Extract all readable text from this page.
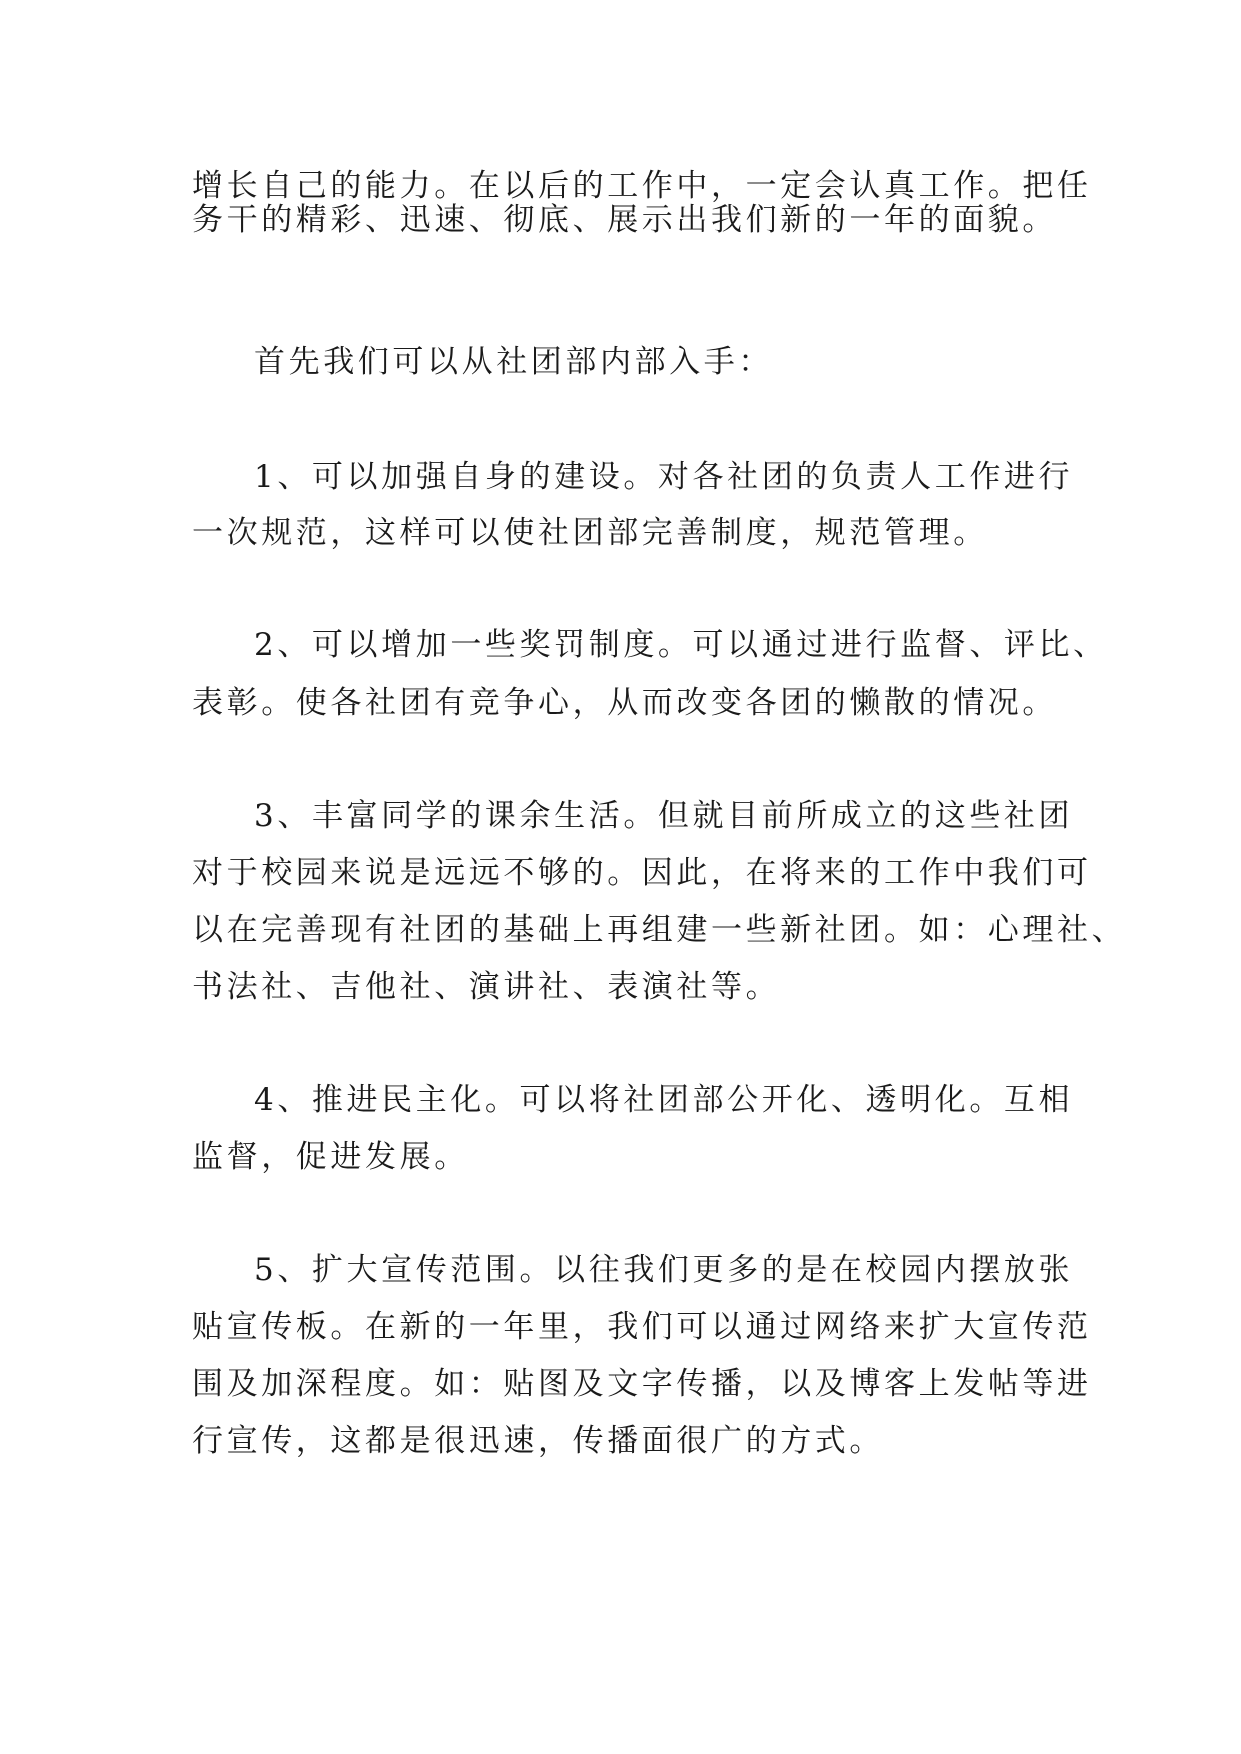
增长自己的能力。在以后的工作中，一定会认真工作。把任

务干的精彩、迅速、彻底、展示出我们新的一年的面貌。

首先我们可以从社团部内部入手：

1、可以加强自身的建设。对各社团的负责人工作进行

一次规范，这样可以使社团部完善制度，规范管理。

2、可以增加一些奖罚制度。可以通过进行监督、评比、

表彰。使各社团有竞争心，从而改变各团的懒散的情况。

3、丰富同学的课余生活。但就目前所成立的这些社团

对于校园来说是远远不够的。因此，在将来的工作中我们可

以在完善现有社团的基础上再组建一些新社团。如：心理社、

书法社、吉他社、演讲社、表演社等。

4、推进民主化。可以将社团部公开化、透明化。互相

监督，促进发展。

5、扩大宣传范围。以往我们更多的是在校园内摆放张

贴宣传板。在新的一年里，我们可以通过网络来扩大宣传范

围及加深程度。如：贴图及文字传播，以及博客上发帖等进

行宣传，这都是很迅速，传播面很广的方式。
